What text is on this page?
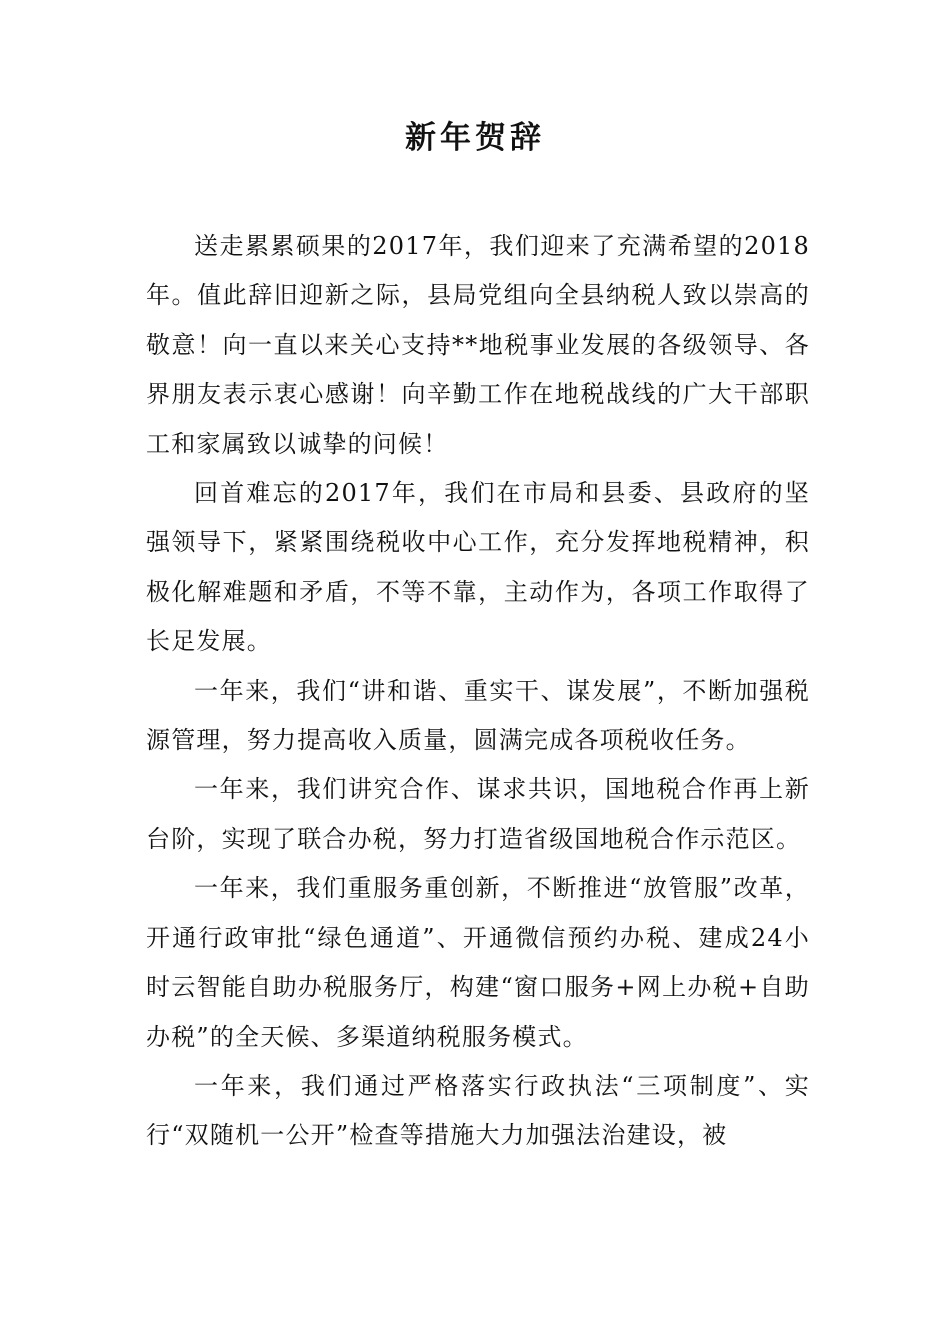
新年贺辞

送走累累硕果的2017年，我们迎来了充满希望的2018年。值此辞旧迎新之际，县局党组向全县纳税人致以崇高的敬意！向一直以来关心支持**地税事业发展的各级领导、各界朋友表示衷心感谢！向辛勤工作在地税战线的广大干部职工和家属致以诚挚的问候！

回首难忘的2017年，我们在市局和县委、县政府的坚强领导下，紧紧围绕税收中心工作，充分发挥地税精神，积极化解难题和矛盾，不等不靠，主动作为，各项工作取得了长足发展。

一年来，我们“讲和谐、重实干、谋发展”，不断加强税源管理，努力提高收入质量，圆满完成各项税收任务。

一年来，我们讲究合作、谋求共识，国地税合作再上新台阶，实现了联合办税，努力打造省级国地税合作示范区。

一年来，我们重服务重创新，不断推进“放管服”改革，开通行政审批“绿色通道”、开通微信预约办税、建成24小时云智能自助办税服务厅，构建“窗口服务+网上办税+自助办税”的全天候、多渠道纳税服务模式。

一年来，我们通过严格落实行政执法“三项制度”、实行“双随机一公开”检查等措施大力加强法治建设，被
